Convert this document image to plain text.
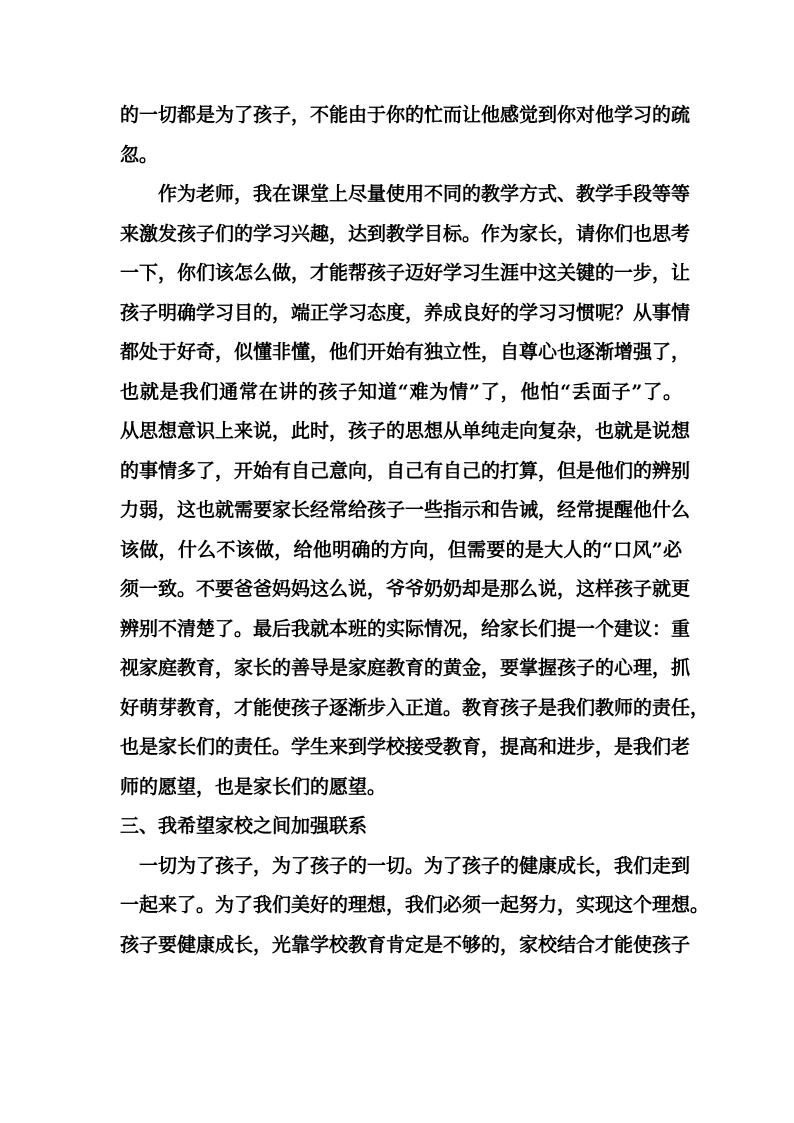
的一切都是为了孩子，不能由于你的忙而让他感觉到你对他学习的疏
忽。
作为老师，我在课堂上尽量使用不同的教学方式、教学手段等等
来激发孩子们的学习兴趣，达到教学目标。作为家长，请你们也思考
一下，你们该怎么做，才能帮孩子迈好学习生涯中这关键的一步，让
孩子明确学习目的，端正学习态度，养成良好的学习习惯呢？从事情
都处于好奇，似懂非懂，他们开始有独立性，自尊心也逐渐增强了，
也就是我们通常在讲的孩子知道“难为情”了，他怕“丢面子”了。
从思想意识上来说，此时，孩子的思想从单纯走向复杂，也就是说想
的事情多了，开始有自己意向，自己有自己的打算，但是他们的辨别
力弱，这也就需要家长经常给孩子一些指示和告诫，经常提醒他什么
该做，什么不该做，给他明确的方向，但需要的是大人的“口风”必
须一致。不要爸爸妈妈这么说，爷爷奶奶却是那么说，这样孩子就更
辨别不清楚了。最后我就本班的实际情况，给家长们提一个建议：重
视家庭教育，家长的善导是家庭教育的黄金，要掌握孩子的心理，抓
好萌芽教育，才能使孩子逐渐步入正道。教育孩子是我们教师的责任，
也是家长们的责任。学生来到学校接受教育，提高和进步，是我们老
师的愿望，也是家长们的愿望。
三、我希望家校之间加强联系
一切为了孩子，为了孩子的一切。为了孩子的健康成长，我们走到
一起来了。为了我们美好的理想，我们必须一起努力，实现这个理想。
孩子要健康成长，光靠学校教育肯定是不够的，家校结合才能使孩子
